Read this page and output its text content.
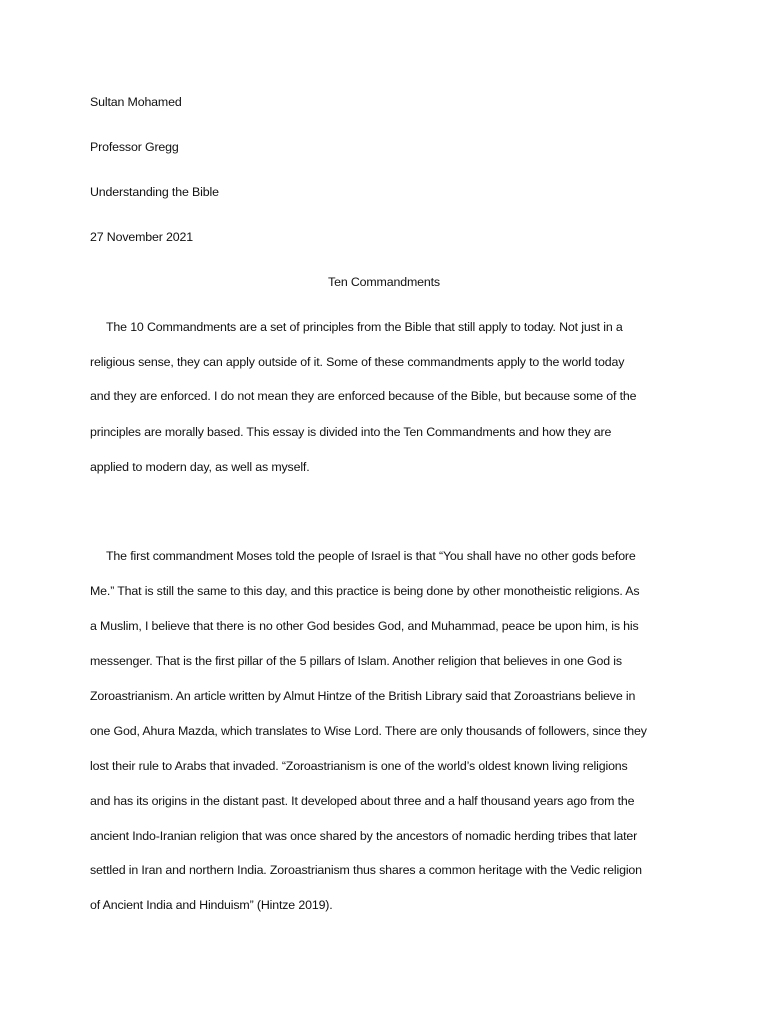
Sultan Mohamed
Professor Gregg
Understanding the Bible
27 November 2021
Ten Commandments
The 10 Commandments are a set of principles from the Bible that still apply to today. Not just in a
religious sense, they can apply outside of it. Some of these commandments apply to the world today
and they are enforced. I do not mean they are enforced because of the Bible, but because some of the
principles are morally based. This essay is divided into the Ten Commandments and how they are
applied to modern day, as well as myself.
The first commandment Moses told the people of Israel is that “You shall have no other gods before
Me.” That is still the same to this day, and this practice is being done by other monotheistic religions. As
a Muslim, I believe that there is no other God besides God, and Muhammad, peace be upon him, is his
messenger. That is the first pillar of the 5 pillars of Islam. Another religion that believes in one God is
Zoroastrianism. An article written by Almut Hintze of the British Library said that Zoroastrians believe in
one God, Ahura Mazda, which translates to Wise Lord. There are only thousands of followers, since they
lost their rule to Arabs that invaded. “Zoroastrianism is one of the world’s oldest known living religions
and has its origins in the distant past. It developed about three and a half thousand years ago from the
ancient Indo-Iranian religion that was once shared by the ancestors of nomadic herding tribes that later
settled in Iran and northern India. Zoroastrianism thus shares a common heritage with the Vedic religion
of Ancient India and Hinduism” (Hintze 2019).
